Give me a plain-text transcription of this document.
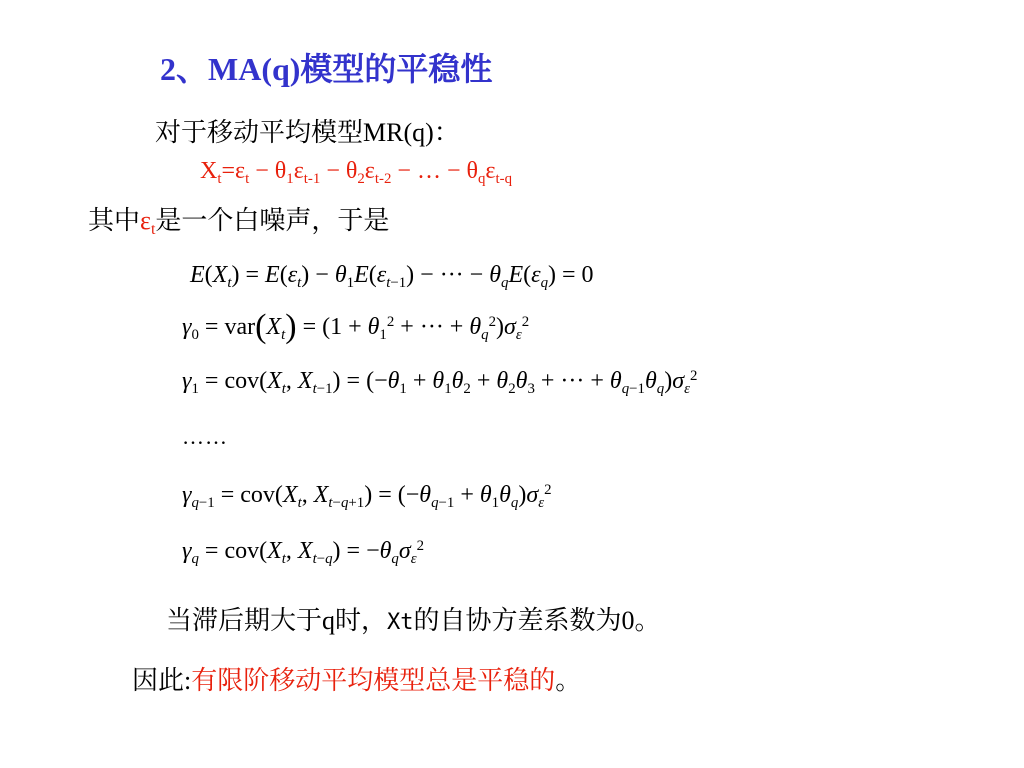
2、MA(q)模型的平稳性
对于移动平均模型MR(q)：
$X_t=\varepsilon_t - \theta_1\varepsilon_{t-1} - \theta_2\varepsilon_{t-2}$ − … − $\theta_q\varepsilon_{t-q}$
其中$\varepsilon_t$是一个白噪声，于是
$E(X_t) = E(\varepsilon_t) - \theta_1E(\varepsilon_{t-1})$ − ··· − $\theta_qE(\varepsilon_q) = 0$
$\gamma_0 = var(X_t) = (1 + \theta_1^2$ + ··· + $\theta_q^2)\sigma_\varepsilon^2$
$\gamma_1 = cov(X_t$, $X_{t-1}) = (-\theta_1 + \theta_1\theta_2 + \theta_2\theta_3$ + ··· + $\theta_{q-1}\theta_q)\sigma_\varepsilon^2$
……
$\gamma_{q-1} = cov(X_t$, $X_{t-q+1}) = (-\theta_{q-1} + \theta_1\theta_q)\sigma_\varepsilon^2$
$\gamma_q = cov(X_t$, $X_{t-q}) = -\theta_q\sigma_\varepsilon^2$
当滞后期大于q时，Xt的自协方差系数为0。
因此:有限阶移动平均模型总是平稳的。
